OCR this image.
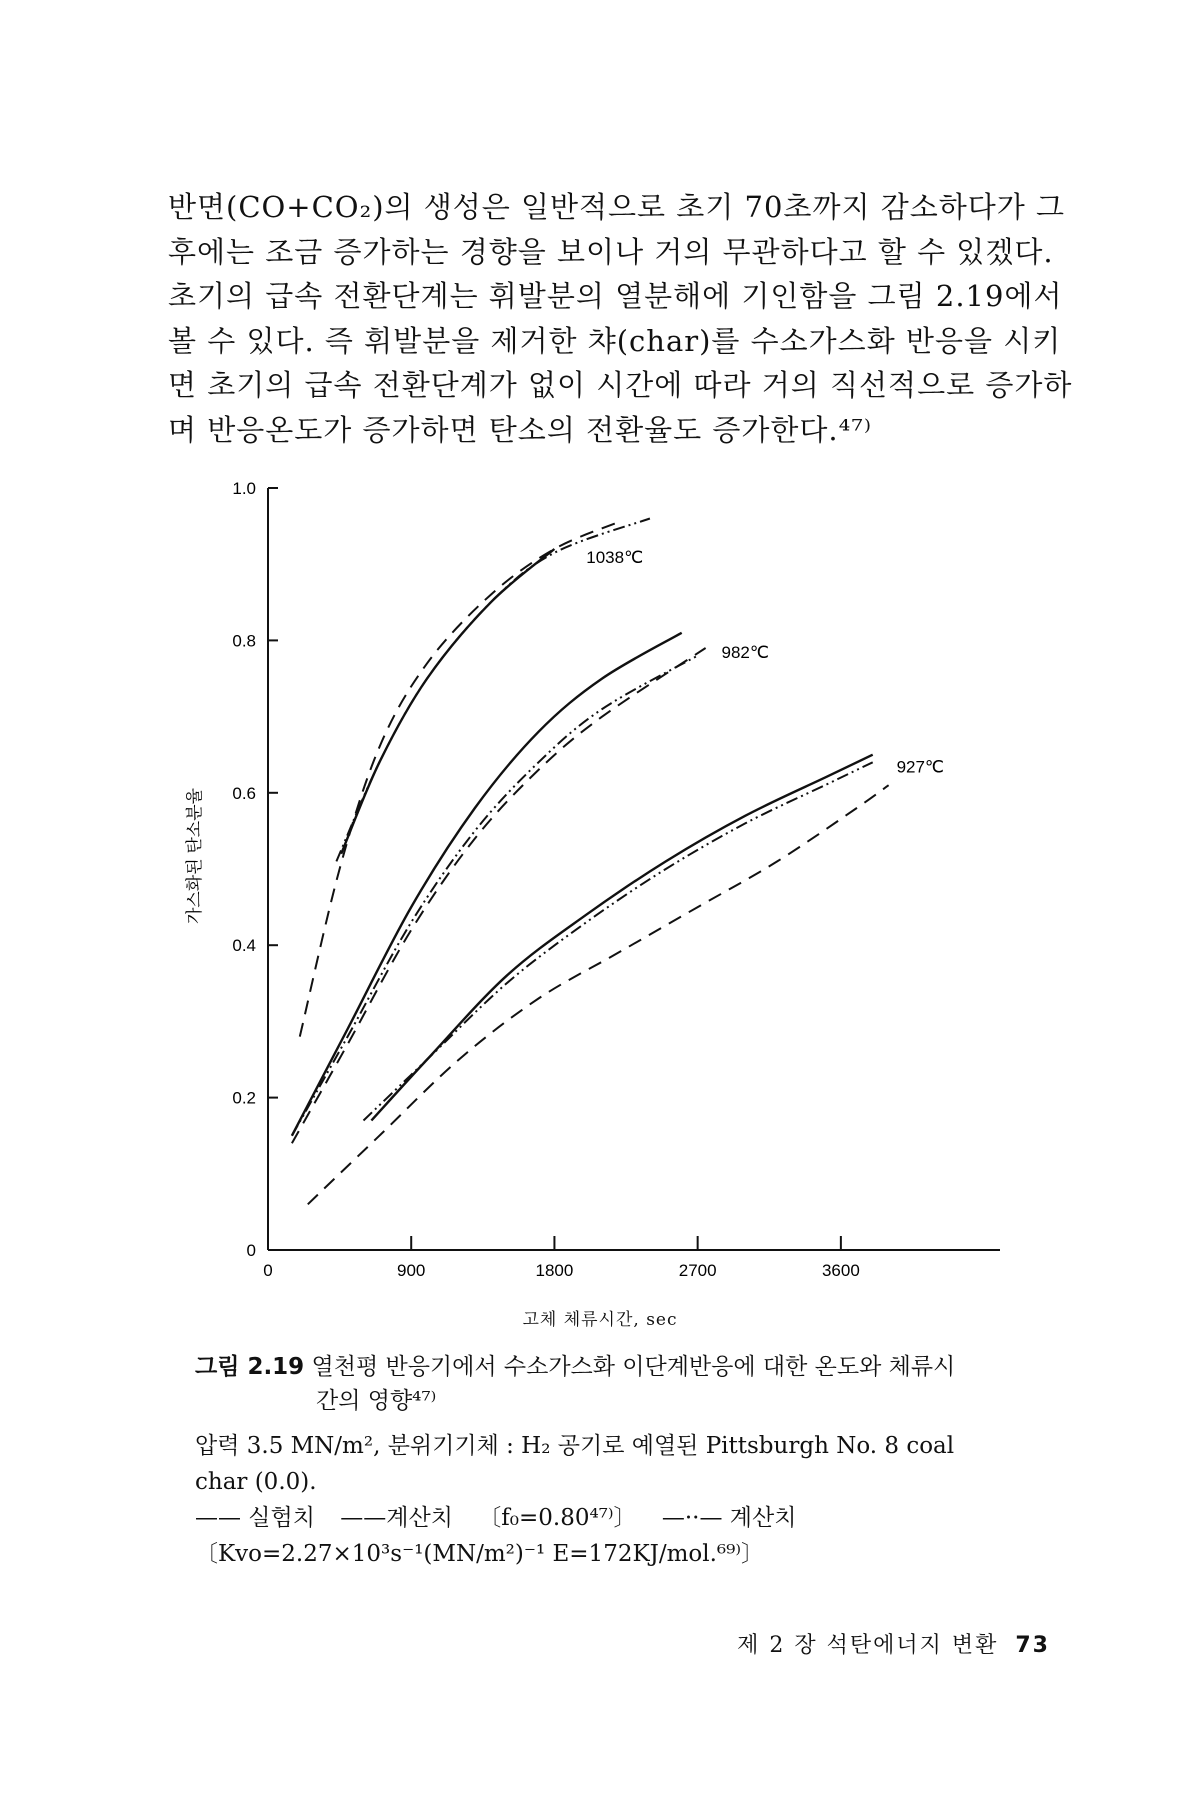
반면(CO+CO₂)의 생성은 일반적으로 초기 70초까지 감소하다가 그
후에는 조금 증가하는 경향을 보이나 거의 무관하다고 할 수 있겠다.
초기의 급속 전환단계는 휘발분의 열분해에 기인함을 그림 2.19에서
볼 수 있다. 즉 휘발분을 제거한 챠(char)를 수소가스화 반응을 시키
면 초기의 급속 전환단계가 없이 시간에 따라 거의 직선적으로 증가하
며 반응온도가 증가하면 탄소의 전환율도 증가한다.⁴⁷⁾
0
0.2
0.4
0.6
0.8
1.0
0	900	1800	2700	3600
1038℃
982℃
927℃
가스화된 탄소분율
고체 체류시간, sec
그림 2.19 열천평 반응기에서 수소가스화 이단계반응에 대한 온도와 체류시
간의 영향⁴⁷⁾
압력 3.5 MN/m², 분위기기체 : H₂ 공기로 예열된 Pittsburgh No. 8 coal
char (0.0).
—— 실험치 ——계산치 〔f₀=0.80⁴⁷⁾〕 —··— 계산치
〔Kvo=2.27×10³s⁻¹(MN/m²)⁻¹ E=172KJ/mol.⁶⁹⁾〕
제 2 장 석탄에너지 변환 73
